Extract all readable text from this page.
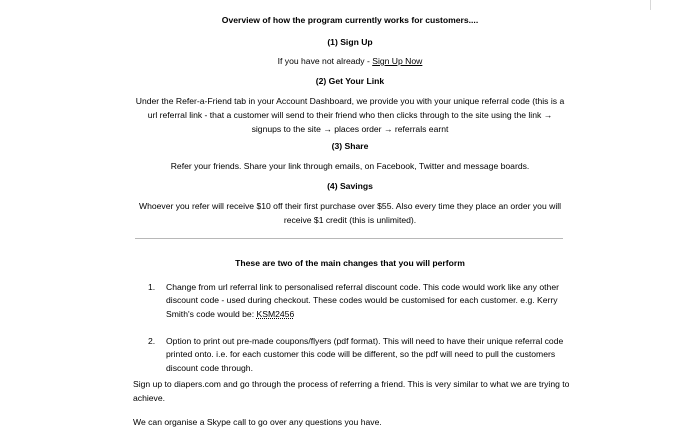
Overview of how the program currently works for customers....
(1) Sign Up
If you have not already - Sign Up Now
(2) Get Your Link
Under the Refer-a-Friend tab in your Account Dashboard, we provide you with your unique referral code (this is a url referral link - that a customer will send to their friend who then clicks through to the site using the link → signups to the site → places order → referrals earnt
(3) Share
Refer your friends. Share your link through emails, on Facebook, Twitter and message boards.
(4) Savings
Whoever you refer will receive $10 off their first purchase over $55. Also every time they place an order you will receive $1 credit (this is unlimited).
These are two of the main changes that you will perform
1. Change from url referral link to personalised referral discount code. This code would work like any other discount code - used during checkout. These codes would be customised for each customer. e.g. Kerry Smith's code would be: KSM2456
2. Option to print out pre-made coupons/flyers (pdf format). This will need to have their unique referral code printed onto. i.e. for each customer this code will be different, so the pdf will need to pull the customers discount code through.

Sign up to diapers.com and go through the process of referring a friend. This is very similar to what we are trying to achieve.

We can organise a Skype call to go over any questions you have.
